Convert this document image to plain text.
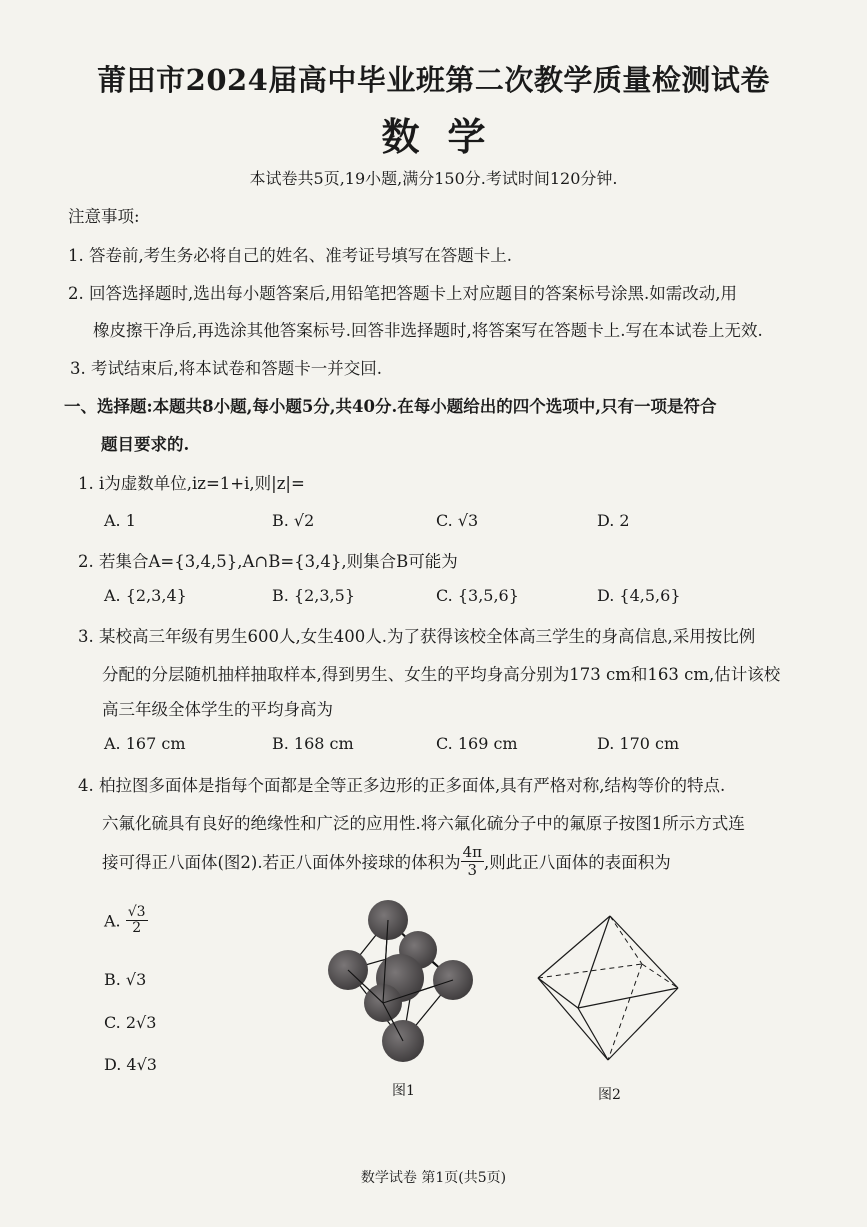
莆田市2024届高中毕业班第二次教学质量检测试卷
数学
本试卷共5页,19小题,满分150分.考试时间120分钟.
注意事项:
1. 答卷前,考生务必将自己的姓名、准考证号填写在答题卡上.
2. 回答选择题时,选出每小题答案后,用铅笔把答题卡上对应题目的答案标号涂黑.如需改动,用
橡皮擦干净后,再选涂其他答案标号.回答非选择题时,将答案写在答题卡上.写在本试卷上无效.
3. 考试结束后,将本试卷和答题卡一并交回.
一、选择题:本题共8小题,每小题5分,共40分.在每小题给出的四个选项中,只有一项是符合
题目要求的.
1. i为虚数单位,iz=1+i,则|z|=
A. 1	B. √2	C. √3	D. 2
2. 若集合A={3,4,5},A∩B={3,4},则集合B可能为
A. {2,3,4}	B. {2,3,5}	C. {3,5,6}	D. {4,5,6}
3. 某校高三年级有男生600人,女生400人.为了获得该校全体高三学生的身高信息,采用按比例
分配的分层随机抽样抽取样本,得到男生、女生的平均身高分别为173 cm和163 cm,估计该校
高三年级全体学生的平均身高为
A. 167 cm	B. 168 cm	C. 169 cm	D. 170 cm
4. 柏拉图多面体是指每个面都是全等正多边形的正多面体,具有严格对称,结构等价的特点.
六氟化硫具有良好的绝缘性和广泛的应用性.将六氟化硫分子中的氟原子按图1所示方式连
接可得正八面体(图2).若正八面体外接球的体积为 $\frac{4\pi}{3}$ ,则此正八面体的表面积为
A. $\frac{√3}{2}$
B. √3
C. 2√3
D. 4√3
图1	图2
数学试卷 第1页(共5页)
